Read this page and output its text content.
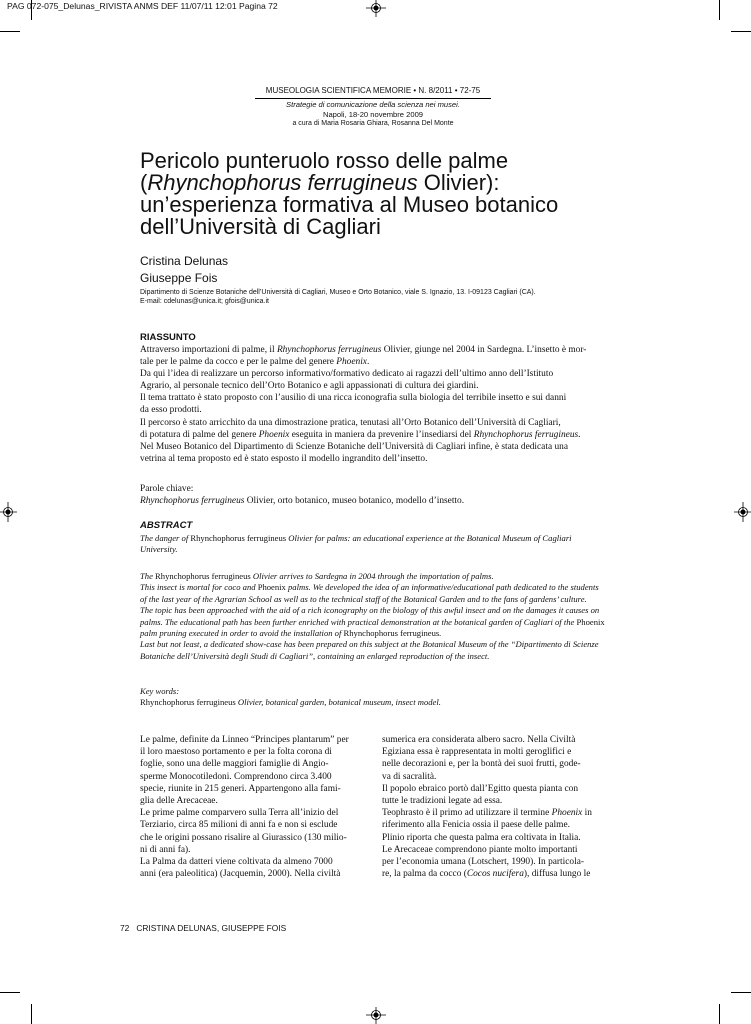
PAG 072-075_Delunas_RIVISTA ANMS DEF 11/07/11 12:01 Pagina 72
MUSEOLOGIA SCIENTIFICA MEMORIE • N. 8/2011 • 72-75
Strategie di comunicazione della scienza nei musei.
Napoli, 18-20 novembre 2009
a cura di Maria Rosaria Ghiara, Rosanna Del Monte
Pericolo punteruolo rosso delle palme
(Rhynchophorus ferrugineus Olivier):
un’esperienza formativa al Museo botanico
dell’Università di Cagliari
Cristina Delunas
Giuseppe Fois
Dipartimento di Scienze Botaniche dell’Università di Cagliari, Museo e Orto Botanico, viale S. Ignazio, 13. I-09123 Cagliari (CA).
E-mail: cdelunas@unica.it; gfois@unica.it
RIASSUNTO
Attraverso importazioni di palme, il Rhynchophorus ferrugineus Olivier, giunge nel 2004 in Sardegna. L’insetto è mor-
tale per le palme da cocco e per le palme del genere Phoenix.
Da qui l’idea di realizzare un percorso informativo/formativo dedicato ai ragazzi dell’ultimo anno dell’Istituto
Agrario, al personale tecnico dell’Orto Botanico e agli appassionati di cultura dei giardini.
Il tema trattato è stato proposto con l’ausilio di una ricca iconografia sulla biologia del terribile insetto e sui danni
da esso prodotti.
Il percorso è stato arricchito da una dimostrazione pratica, tenutasi all’Orto Botanico dell’Università di Cagliari,
di potatura di palme del genere Phoenix eseguita in maniera da prevenire l’insediarsi del Rhynchophorus ferrugineus.
Nel Museo Botanico del Dipartimento di Scienze Botaniche dell’Università di Cagliari infine, è stata dedicata una
vetrina al tema proposto ed è stato esposto il modello ingrandito dell’insetto.
Parole chiave:
Rhynchophorus ferrugineus Olivier, orto botanico, museo botanico, modello d’insetto.
ABSTRACT
The danger of Rhynchophorus ferrugineus Olivier for palms: an educational experience at the Botanical Museum of Cagliari
University.
The Rhynchophorus ferrugineus Olivier arrives to Sardegna in 2004 through the importation of palms.
This insect is mortal for coco and Phoenix palms. We developed the idea of an informative/educational path dedicated to the students
of the last year of the Agrarian School as well as to the technical staff of the Botanical Garden and to the fans of gardens’ culture.
The topic has been approached with the aid of a rich iconography on the biology of this awful insect and on the damages it causes on
palms. The educational path has been further enriched with practical demonstration at the botanical garden of Cagliari of the Phoenix
palm pruning executed in order to avoid the installation of Rhynchophorus ferrugineus.
Last but not least, a dedicated show-case has been prepared on this subject at the Botanical Museum of the “Dipartimento di Scienze
Botaniche dell’Università degli Studi di Cagliari”, containing an enlarged reproduction of the insect.
Key words:
Rhynchophorus ferrugineus Olivier, botanical garden, botanical museum, insect model.
Le palme, definite da Linneo “Principes plantarum” per
il loro maestoso portamento e per la folta corona di
foglie, sono una delle maggiori famiglie di Angio-
sperme Monocotiledoni. Comprendono circa 3.400
specie, riunite in 215 generi. Appartengono alla fami-
glia delle Arecaceae.
Le prime palme comparvero sulla Terra all’inizio del
Terziario, circa 85 milioni di anni fa e non si esclude
che le origini possano risalire al Giurassico (130 milio-
ni di anni fa).
La Palma da datteri viene coltivata da almeno 7000
anni (era paleolitica) (Jacquemin, 2000). Nella civiltà
sumerica era considerata albero sacro. Nella Civiltà
Egiziana essa è rappresentata in molti geroglifici e
nelle decorazioni e, per la bontà dei suoi frutti, gode-
va di sacralità.
Il popolo ebraico portò dall’Egitto questa pianta con
tutte le tradizioni legate ad essa.
Teophrasto è il primo ad utilizzare il termine Phoenix in
riferimento alla Fenicia ossia il paese delle palme.
Plinio riporta che questa palma era coltivata in Italia.
Le Arecaceae comprendono piante molto importanti
per l’economia umana (Lotschert, 1990). In particola-
re, la palma da cocco (Cocos nucifera), diffusa lungo le
72 CRISTINA DELUNAS, GIUSEPPE FOIS
